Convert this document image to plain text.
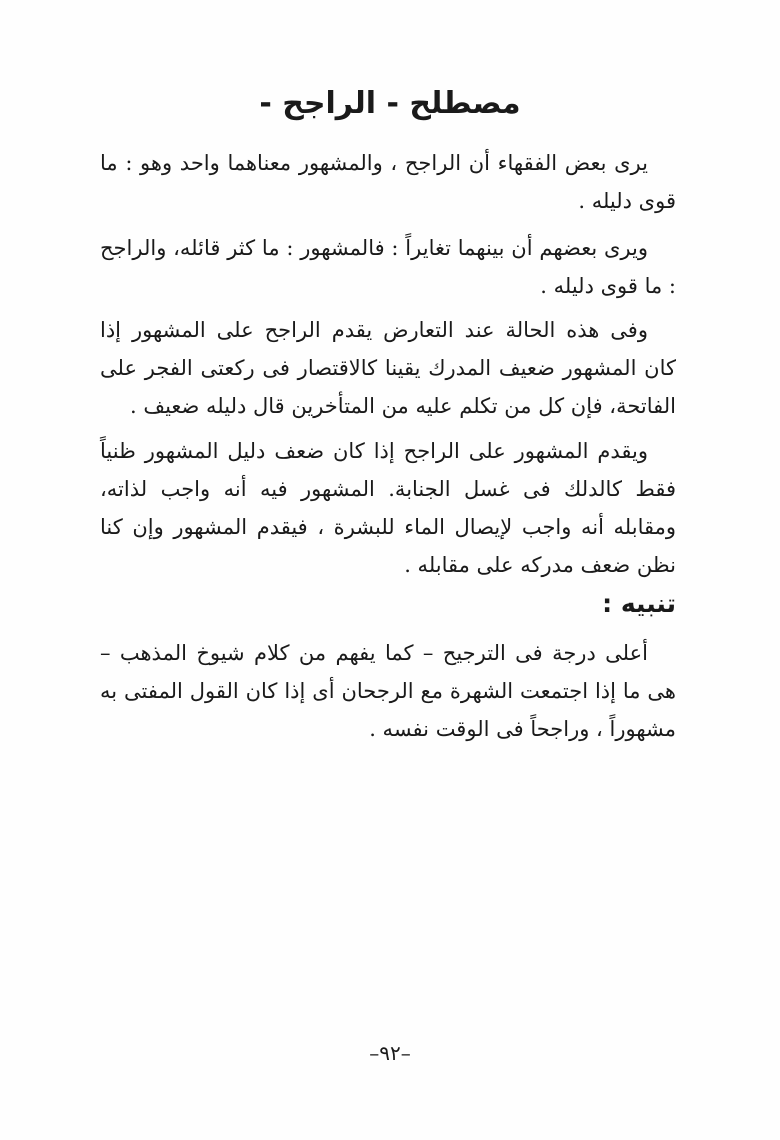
مصطلح - الراجح -

يرى بعض الفقهاء أن الراجح ، والمشهور معناهما واحد وهو : ما قوى دليله .

ويرى بعضهم أن بينهما تغايراً : فالمشهور : ما كثر قائله، والراجح : ما قوى دليله .

وفى هذه الحالة عند التعارض يقدم الراجح على المشهور إذا كان المشهور ضعيف المدرك يقينا كالاقتصار فى ركعتى الفجر على الفاتحة، فإن كل من تكلم عليه من المتأخرين قال دليله ضعيف .

ويقدم المشهور على الراجح إذا كان ضعف دليل المشهور ظنياً فقط كالدلك فى غسل الجنابة. المشهور فيه أنه واجب لذاته، ومقابله أنه واجب لإيصال الماء للبشرة ، فيقدم المشهور وإن كنا نظن ضعف مدركه على مقابله .

تنبيه :

أعلى درجة فى الترجيح – كما يفهم من كلام شيوخ المذهب – هى ما إذا اجتمعت الشهرة مع الرجحان أى إذا كان القول المفتى به مشهوراً ، وراجحاً فى الوقت نفسه .

–٩٢–
